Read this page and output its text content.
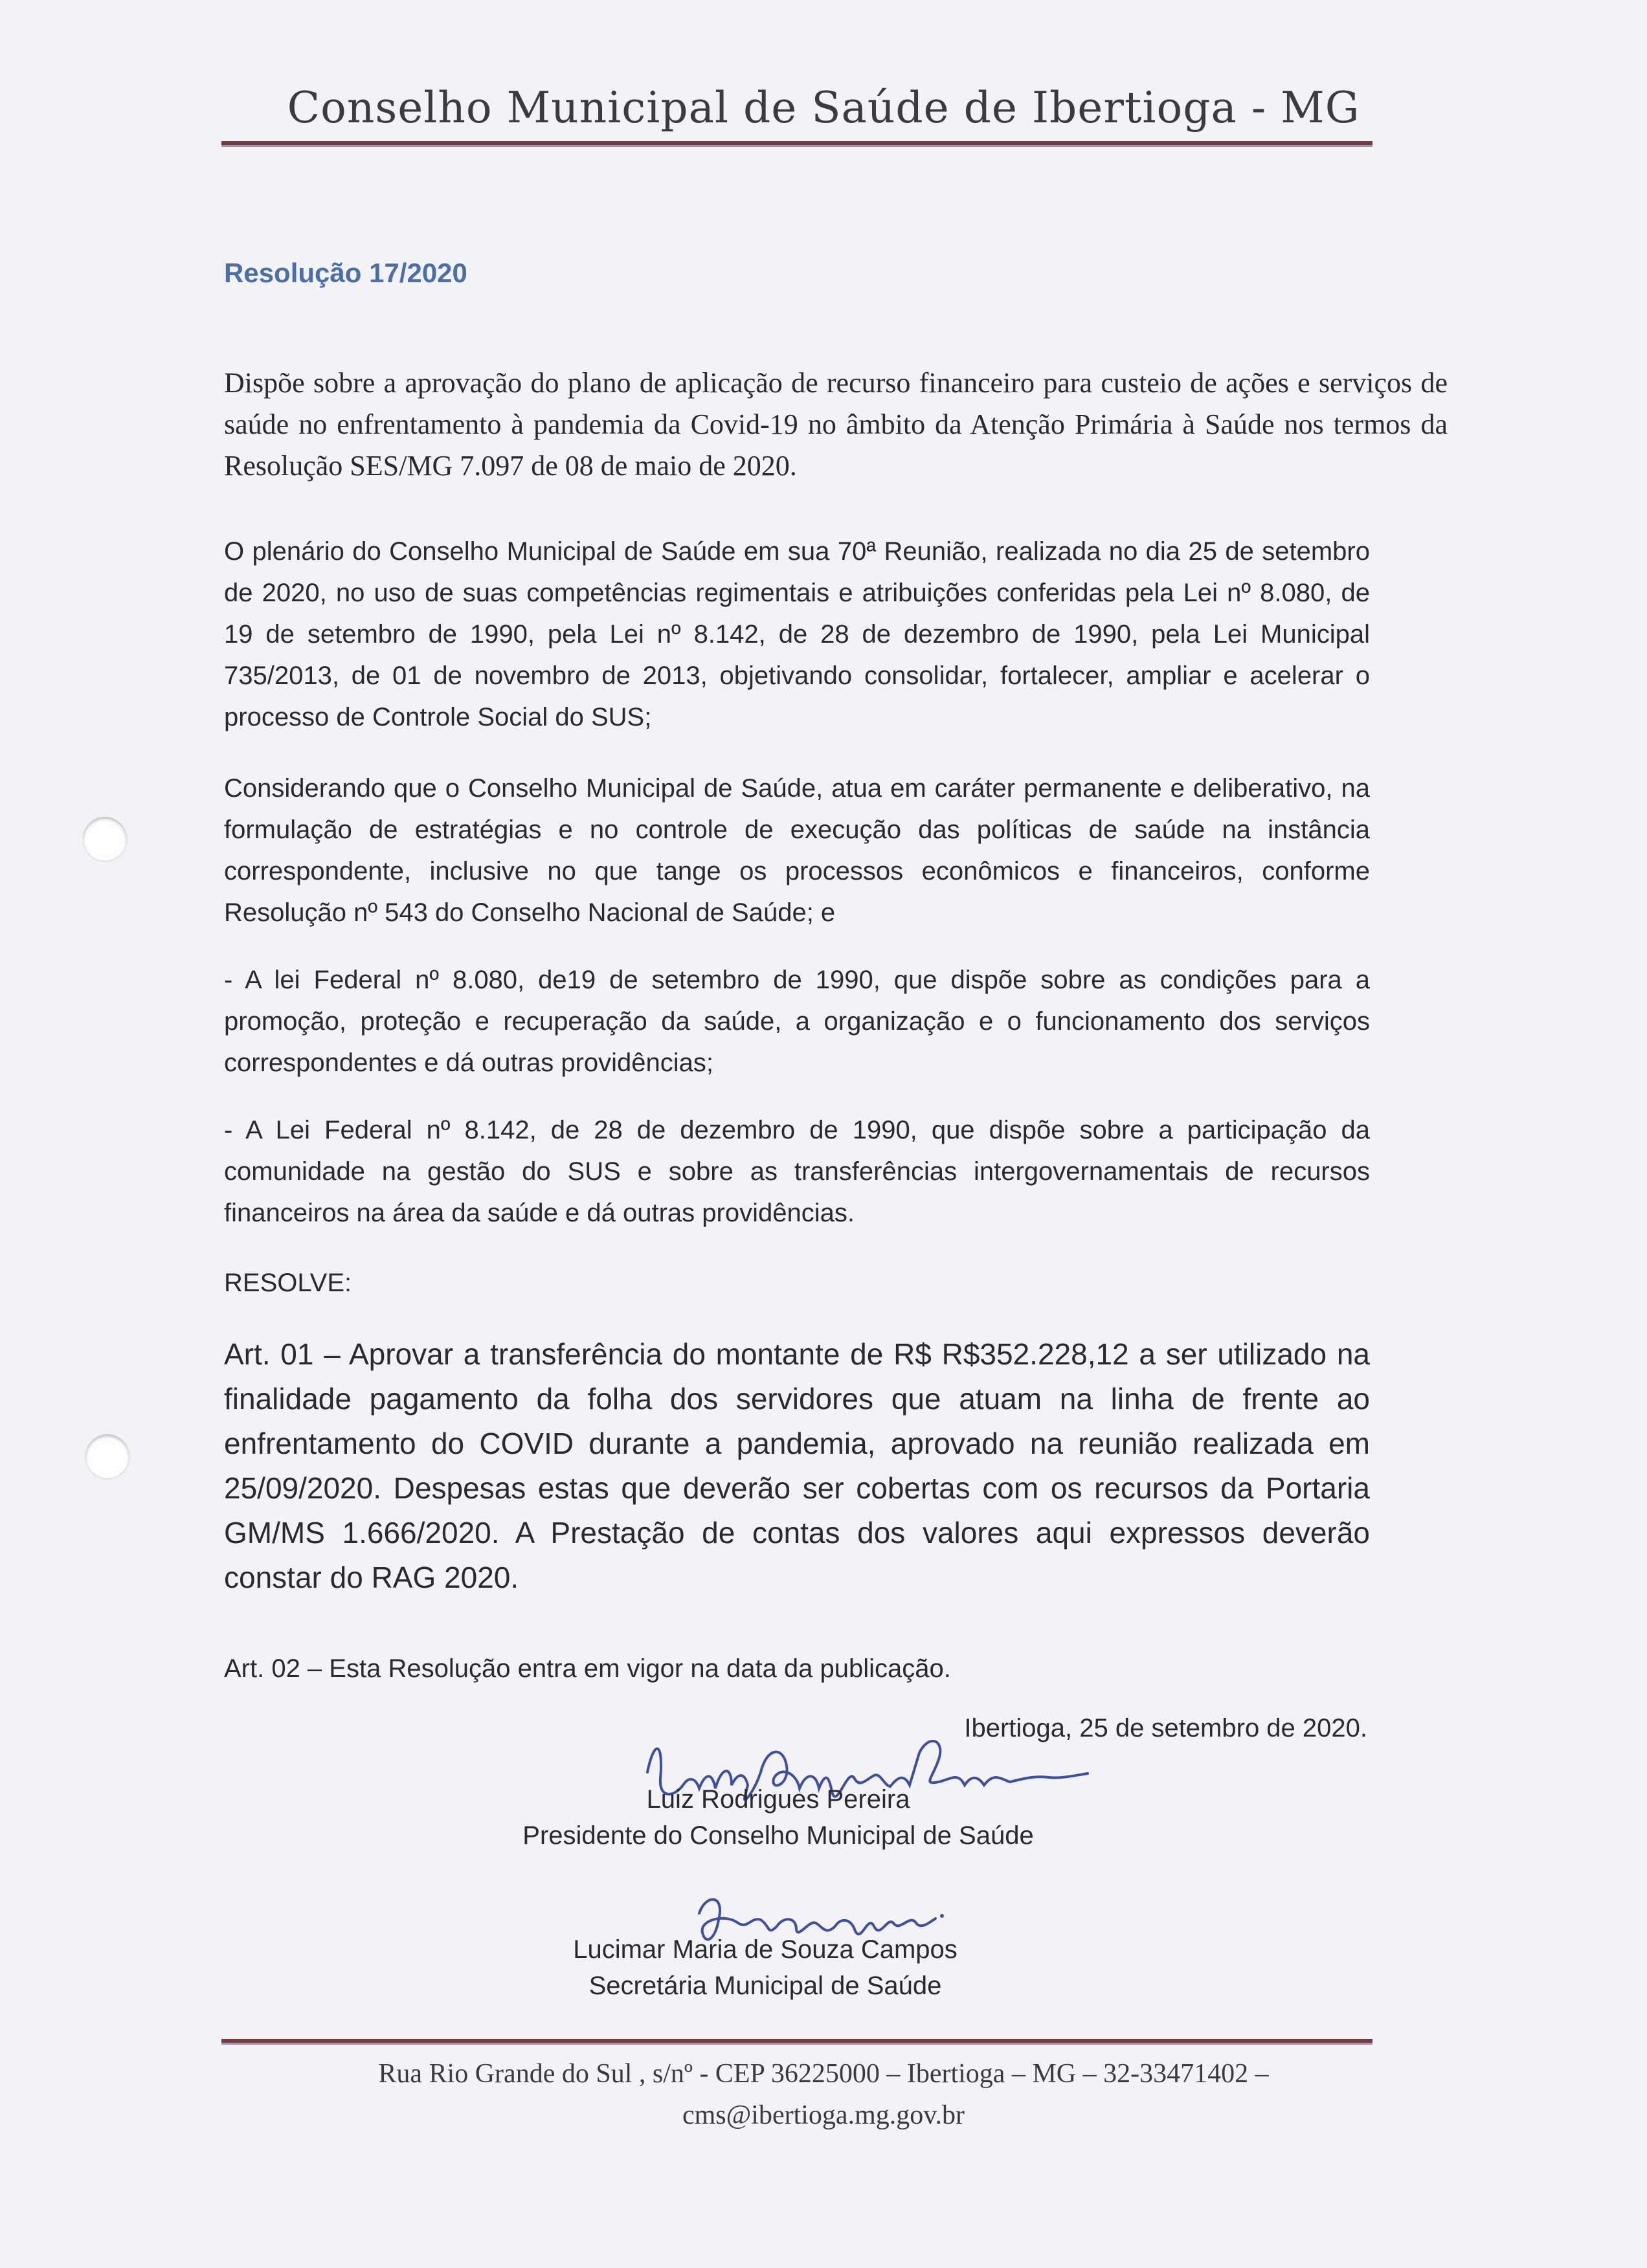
Conselho Municipal de Saúde de Ibertioga - MG
Resolução 17/2020
Dispõe sobre a aprovação do plano de aplicação de recurso financeiro para custeio de ações e serviços de saúde no enfrentamento à pandemia da Covid-19 no âmbito da Atenção Primária à Saúde nos termos da Resolução SES/MG 7.097 de 08 de maio de 2020.
O plenário do Conselho Municipal de Saúde em sua 70ª Reunião, realizada no dia 25 de setembro de 2020, no uso de suas competências regimentais e atribuições conferidas pela Lei nº 8.080, de 19 de setembro de 1990, pela Lei nº 8.142, de 28 de dezembro de 1990, pela Lei Municipal 735/2013, de 01 de novembro de 2013, objetivando consolidar, fortalecer, ampliar e acelerar o processo de Controle Social do SUS;
Considerando que o Conselho Municipal de Saúde, atua em caráter permanente e deliberativo, na formulação de estratégias e no controle de execução das políticas de saúde na instância correspondente, inclusive no que tange os processos econômicos e financeiros, conforme Resolução nº 543 do Conselho Nacional de Saúde; e
- A lei Federal nº 8.080, de19 de setembro de 1990, que dispõe sobre as condições para a promoção, proteção e recuperação da saúde, a organização e o funcionamento dos serviços correspondentes e dá outras providências;
- A Lei Federal nº 8.142, de 28 de dezembro de 1990, que dispõe sobre a participação da comunidade na gestão do SUS e sobre as transferências intergovernamentais de recursos financeiros na área da saúde e dá outras providências.
RESOLVE:
Art. 01 – Aprovar a transferência do montante de R$ R$352.228,12 a ser utilizado na finalidade pagamento da folha dos servidores que atuam na linha de frente ao enfrentamento do COVID durante a pandemia, aprovado na reunião realizada em 25/09/2020. Despesas estas que deverão ser cobertas com os recursos da Portaria GM/MS 1.666/2020. A Prestação de contas dos valores aqui expressos deverão constar do RAG 2020.
Art. 02 – Esta Resolução entra em vigor na data da publicação.
Ibertioga, 25 de setembro de 2020.
Luiz Rodrigues Pereira
Presidente do Conselho Municipal de Saúde
Lucimar Maria de Souza Campos
Secretária Municipal de Saúde
Rua Rio Grande do Sul , s/nº - CEP 36225000 – Ibertioga – MG – 32-33471402 –
cms@ibertioga.mg.gov.br
